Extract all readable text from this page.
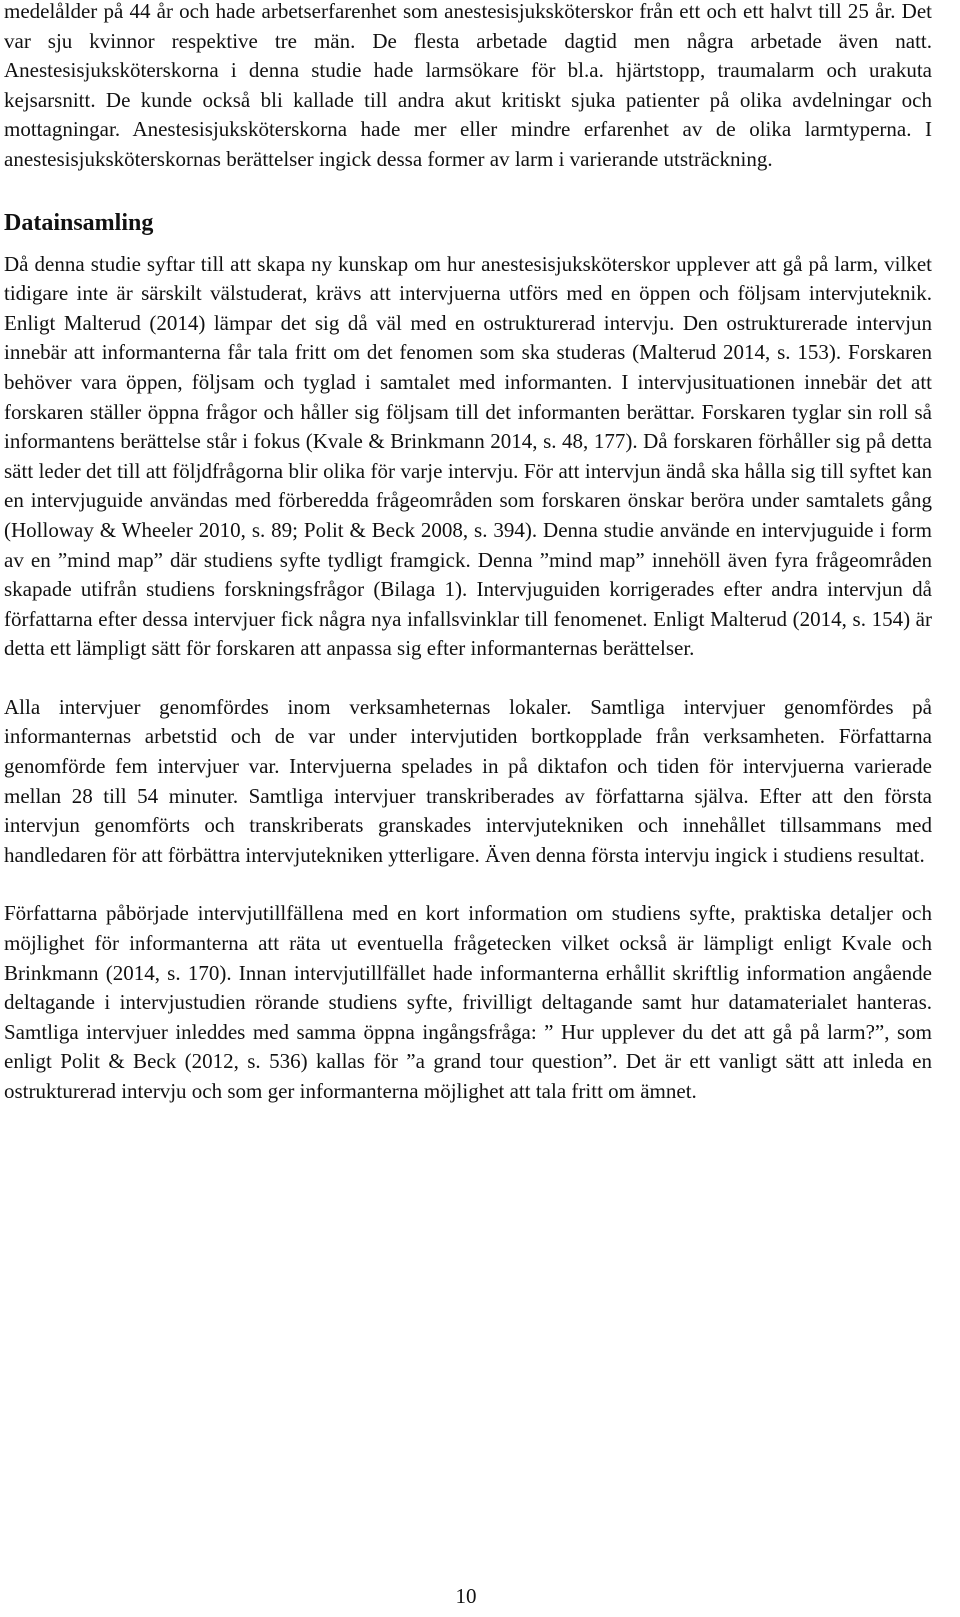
medelålder på 44 år och hade arbetserfarenhet som anestesisjuksköterskor från ett och ett halvt till 25 år. Det var sju kvinnor respektive tre män. De flesta arbetade dagtid men några arbetade även natt. Anestesisjuksköterskorna i denna studie hade larmsökare för bl.a. hjärtstopp, traumalarm och urakuta kejsarsnitt. De kunde också bli kallade till andra akut kritiskt sjuka patienter på olika avdelningar och mottagningar. Anestesisjuksköterskorna hade mer eller mindre erfarenhet av de olika larmtyperna. I anestesisjuksköterskornas berättelser ingick dessa former av larm i varierande utsträckning.

Datainsamling

Då denna studie syftar till att skapa ny kunskap om hur anestesisjuksköterskor upplever att gå på larm, vilket tidigare inte är särskilt välstuderat, krävs att intervjuerna utförs med en öppen och följsam intervjuteknik. Enligt Malterud (2014) lämpar det sig då väl med en ostrukturerad intervju. Den ostrukturerade intervjun innebär att informanterna får tala fritt om det fenomen som ska studeras (Malterud 2014, s. 153). Forskaren behöver vara öppen, följsam och tyglad i samtalet med informanten. I intervjusituationen innebär det att forskaren ställer öppna frågor och håller sig följsam till det informanten berättar. Forskaren tyglar sin roll så informantens berättelse står i fokus (Kvale & Brinkmann 2014, s. 48, 177). Då forskaren förhåller sig på detta sätt leder det till att följdfrågorna blir olika för varje intervju. För att intervjun ändå ska hålla sig till syftet kan en intervjuguide användas med förberedda frågeområden som forskaren önskar beröra under samtalets gång (Holloway & Wheeler 2010, s. 89; Polit & Beck 2008, s. 394). Denna studie använde en intervjuguide i form av en ”mind map” där studiens syfte tydligt framgick. Denna ”mind map” innehöll även fyra frågeområden skapade utifrån studiens forskningsfrågor (Bilaga 1). Intervjuguiden korrigerades efter andra intervjun då författarna efter dessa intervjuer fick några nya infallsvinklar till fenomenet. Enligt Malterud (2014, s. 154) är detta ett lämpligt sätt för forskaren att anpassa sig efter informanternas berättelser.

Alla intervjuer genomfördes inom verksamheternas lokaler. Samtliga intervjuer genomfördes på informanternas arbetstid och de var under intervjutiden bortkopplade från verksamheten. Författarna genomförde fem intervjuer var. Intervjuerna spelades in på diktafon och tiden för intervjuerna varierade mellan 28 till 54 minuter. Samtliga intervjuer transkriberades av författarna själva. Efter att den första intervjun genomförts och transkriberats granskades intervjutekniken och innehållet tillsammans med handledaren för att förbättra intervjutekniken ytterligare. Även denna första intervju ingick i studiens resultat.

Författarna påbörjade intervjutillfällena med en kort information om studiens syfte, praktiska detaljer och möjlighet för informanterna att räta ut eventuella frågetecken vilket också är lämpligt enligt Kvale och Brinkmann (2014, s. 170). Innan intervjutillfället hade informanterna erhållit skriftlig information angående deltagande i intervjustudien rörande studiens syfte, frivilligt deltagande samt hur datamaterialet hanteras. Samtliga intervjuer inleddes med samma öppna ingångsfråga: ” Hur upplever du det att gå på larm?”, som enligt Polit & Beck (2012, s. 536) kallas för ”a grand tour question”. Det är ett vanligt sätt att inleda en ostrukturerad intervju och som ger informanterna möjlighet att tala fritt om ämnet.

10
